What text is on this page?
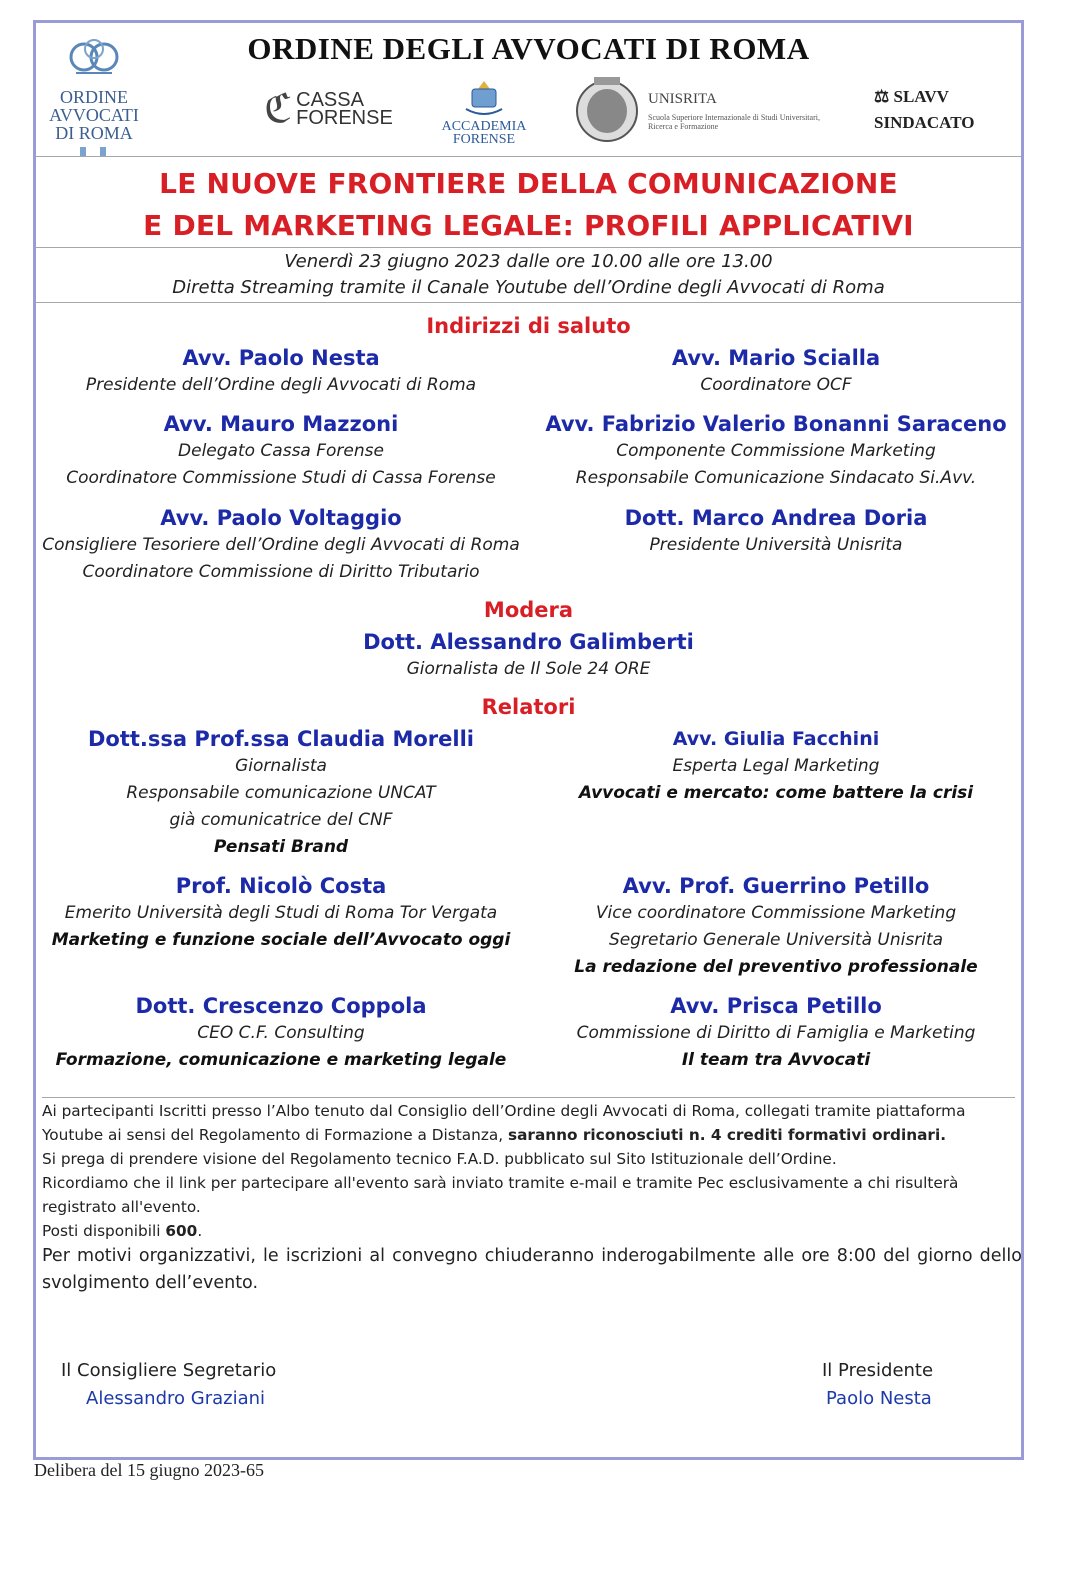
ORDINE DEGLI AVVOCATI DI ROMA
ORDINE
AVVOCATI
DI ROMA
ℭ CASSA
FORENSE	ACCADEMIA
FORENSE
UNISRITA
Scuola Superiore Internazionale di Studi Universitari, Ricerca e Formazione
⚖ SLAVV
SINDACATO
LE NUOVE FRONTIERE DELLA COMUNICAZIONE
E DEL MARKETING LEGALE: PROFILI APPLICATIVI
Venerdì 23 giugno 2023 dalle ore 10.00 alle ore 13.00
Diretta Streaming tramite il Canale Youtube dell’Ordine degli Avvocati di Roma
Indirizzi di saluto
Avv. Paolo Nesta
Presidente dell’Ordine degli Avvocati di Roma
Avv. Mario Scialla
Coordinatore OCF
Avv. Mauro Mazzoni
Delegato Cassa Forense
Coordinatore Commissione Studi di Cassa Forense
Avv. Fabrizio Valerio Bonanni Saraceno
Componente Commissione Marketing
Responsabile Comunicazione Sindacato Si.Avv.
Avv. Paolo Voltaggio
Consigliere Tesoriere dell’Ordine degli Avvocati di Roma
Coordinatore Commissione di Diritto Tributario
Dott. Marco Andrea Doria
Presidente Università Unisrita
Modera
Dott. Alessandro Galimberti
Giornalista de Il Sole 24 ORE
Relatori
Dott.ssa Prof.ssa Claudia Morelli
Giornalista
Responsabile comunicazione UNCAT
già comunicatrice del CNF
Pensati Brand
Avv. Giulia Facchini
Esperta Legal Marketing
Avvocati e mercato: come battere la crisi
Prof. Nicolò Costa
Emerito Università degli Studi di Roma Tor Vergata
Marketing e funzione sociale dell’Avvocato oggi
Avv. Prof. Guerrino Petillo
Vice coordinatore Commissione Marketing
Segretario Generale Università Unisrita
La redazione del preventivo professionale
Dott. Crescenzo Coppola
CEO C.F. Consulting
Formazione, comunicazione e marketing legale
Avv. Prisca Petillo
Commissione di Diritto di Famiglia e Marketing
Il team tra Avvocati

Ai partecipanti Iscritti presso l’Albo tenuto dal Consiglio dell’Ordine degli Avvocati di Roma, collegati tramite piattaforma Youtube ai sensi del Regolamento di Formazione a Distanza, saranno riconosciuti n. 4 crediti formativi ordinari.

Si prega di prendere visione del Regolamento tecnico F.A.D. pubblicato sul Sito Istituzionale dell’Ordine.

Ricordiamo che il link per partecipare all'evento sarà inviato tramite e-mail e tramite Pec esclusivamente a chi risulterà registrato all'evento.

Posti disponibili 600.

Per motivi organizzativi, le iscrizioni al convegno chiuderanno inderogabilmente alle ore 8:00 del giorno dello svolgimento dell’evento.

Il Consigliere Segretario
Alessandro Graziani
Il Presidente
Paolo Nesta
Delibera del 15 giugno 2023-65
